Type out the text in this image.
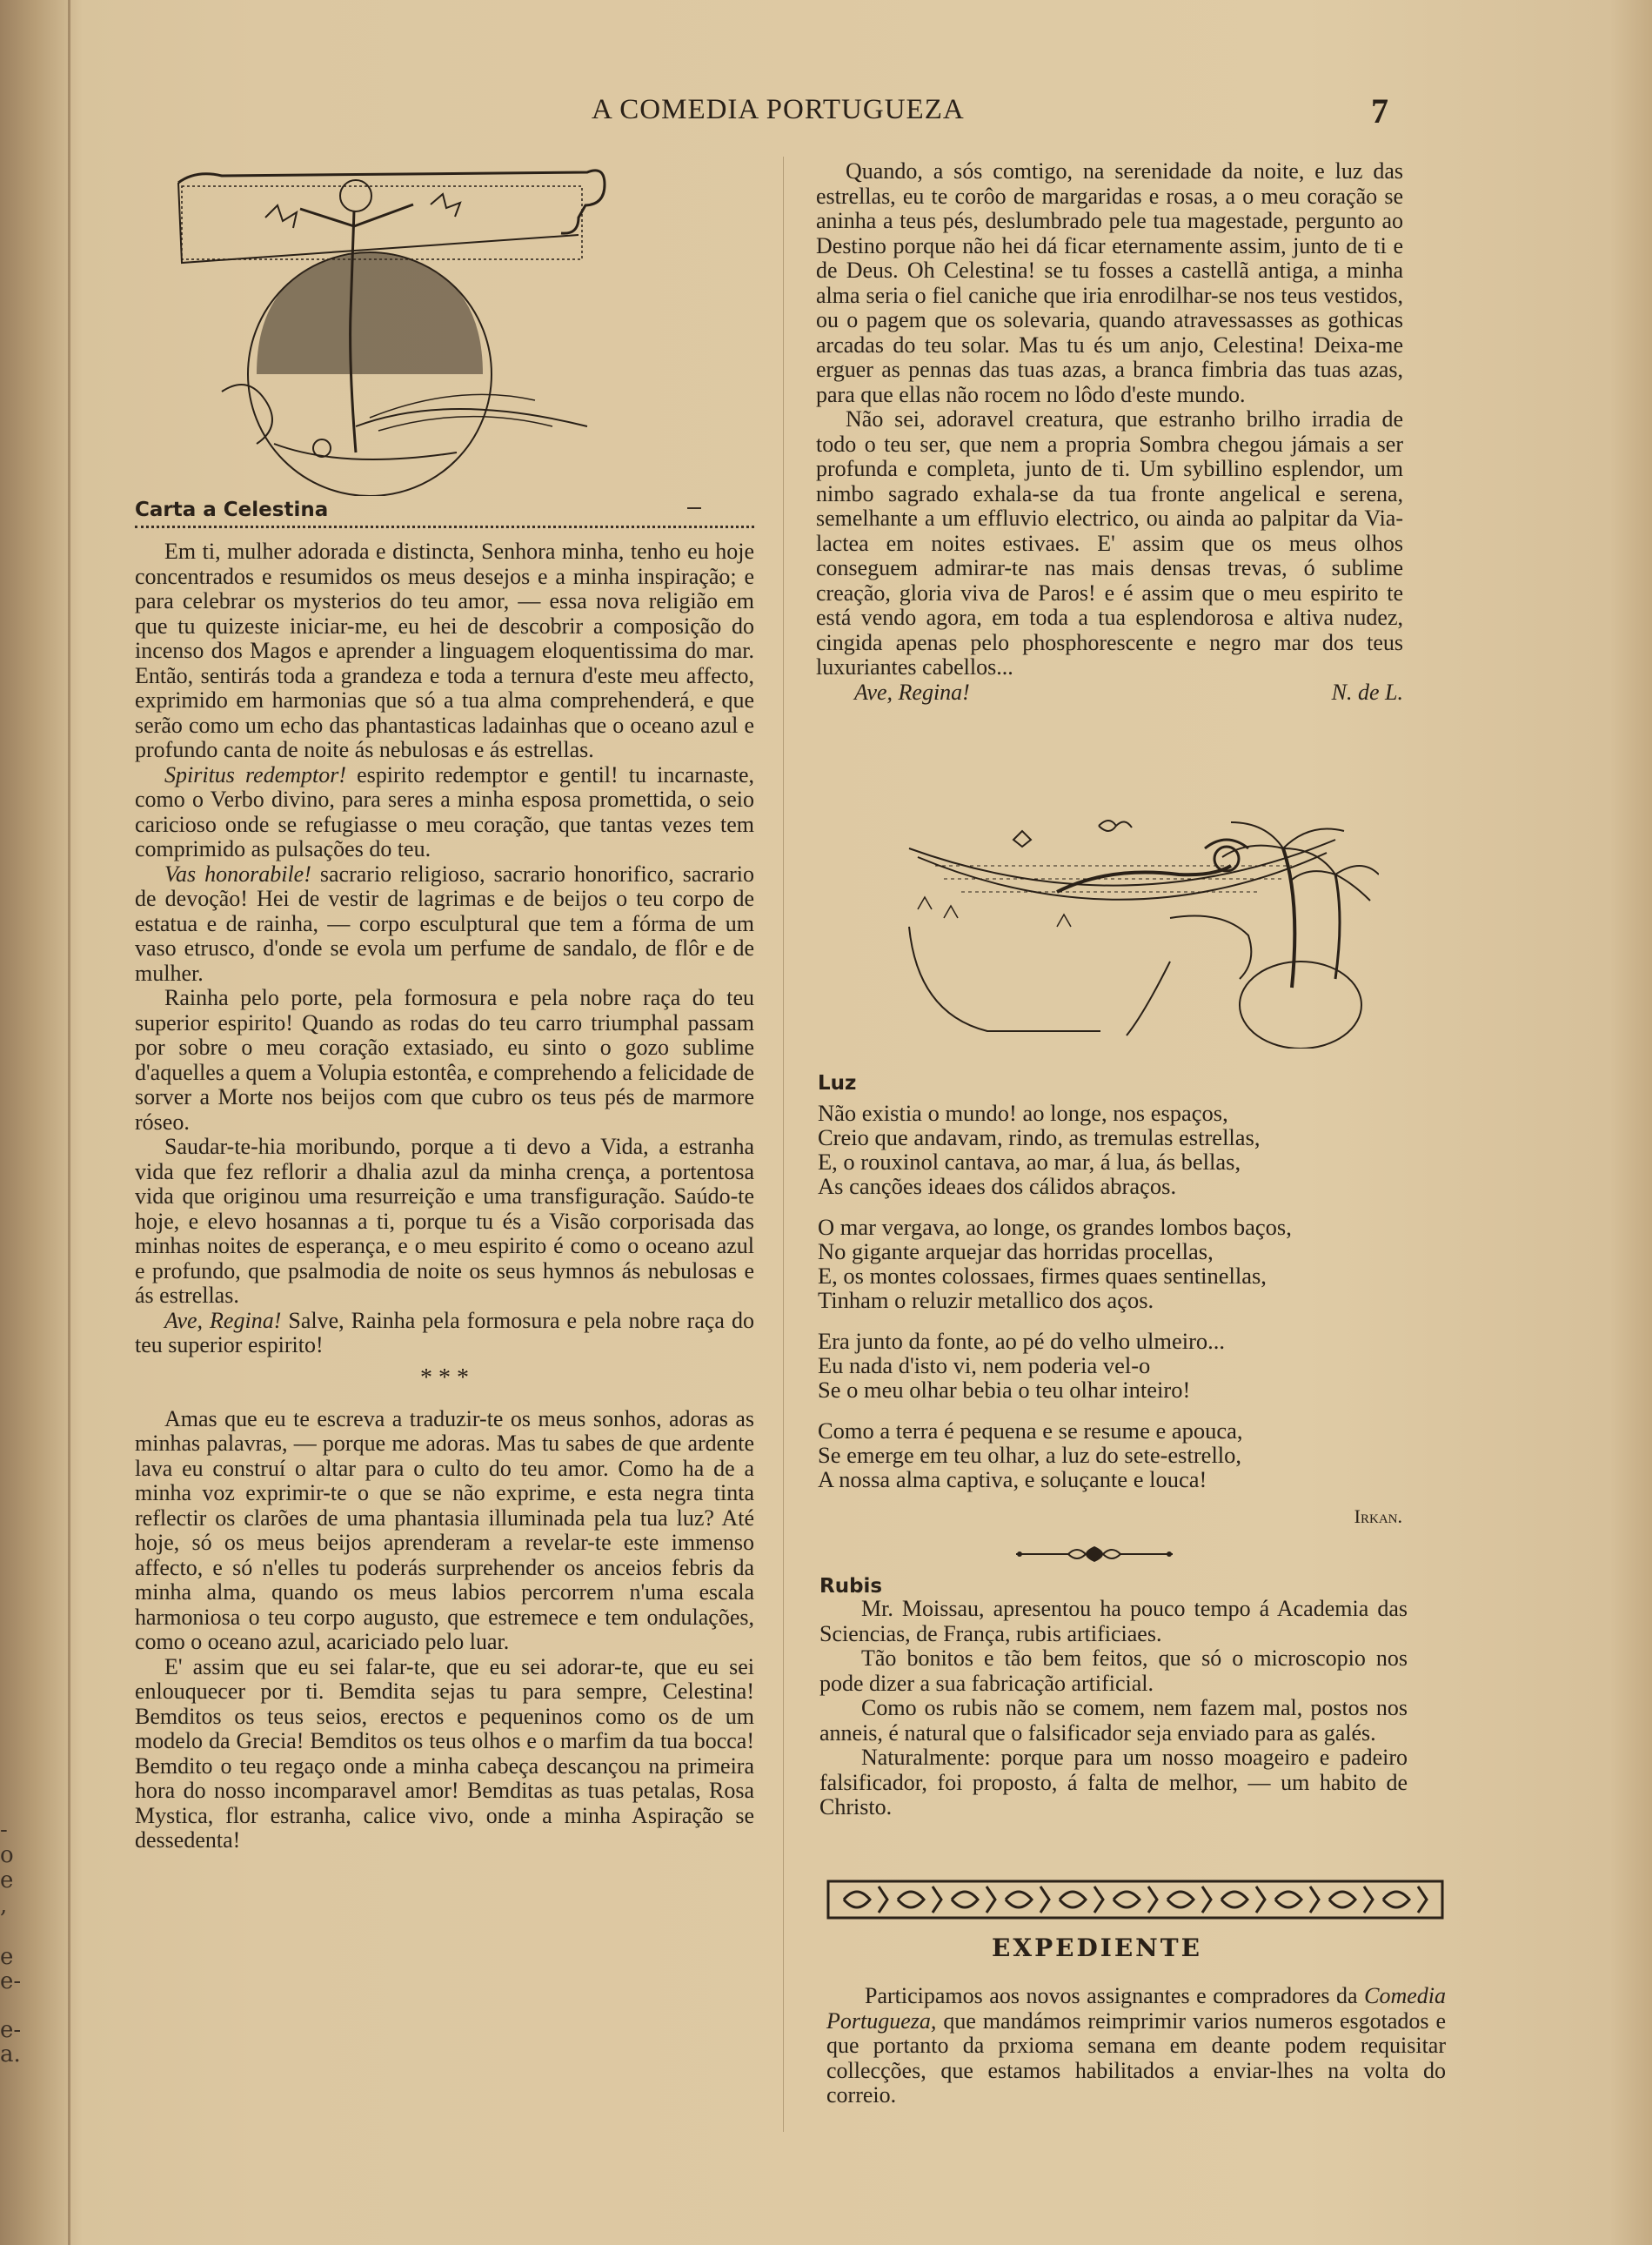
-
o
e
,
e
e-
e-
a.
A COMEDIA PORTUGUEZA	7
Carta a Celestina

Em ti, mulher adorada e distincta, Senhora minha, tenho eu hoje concentrados e resumidos os meus desejos e a minha inspiração; e para celebrar os mysterios do teu amor, — essa nova religião em que tu quizeste iniciar-me, eu hei de descobrir a composição do incenso dos Magos e aprender a linguagem eloquentissima do mar. Então, sentirás toda a grandeza e toda a ternura d'este meu affecto, exprimido em harmonias que só a tua alma comprehenderá, e que serão como um echo das phantasticas ladainhas que o oceano azul e profundo canta de noite ás nebulosas e ás estrellas.

Spiritus redemptor! espirito redemptor e gentil! tu incarnaste, como o Verbo divino, para seres a minha esposa promettida, o seio caricioso onde se refugiasse o meu coração, que tantas vezes tem comprimido as pulsações do teu.

Vas honorabile! sacrario religioso, sacrario honorifico, sacrario de devoção! Hei de vestir de lagrimas e de beijos o teu corpo de estatua e de rainha, — corpo esculptural que tem a fórma de um vaso etrusco, d'onde se evola um perfume de sandalo, de flôr e de mulher.

Rainha pelo porte, pela formosura e pela nobre raça do teu superior espirito! Quando as rodas do teu carro triumphal passam por sobre o meu coração extasiado, eu sinto o gozo sublime d'aquelles a quem a Volupia estontêa, e comprehendo a felicidade de sorver a Morte nos beijos com que cubro os teus pés de marmore róseo.

Saudar-te-hia moribundo, porque a ti devo a Vida, a estranha vida que fez reflorir a dhalia azul da minha crença, a portentosa vida que originou uma resurreição e uma transfiguração. Saúdo-te hoje, e elevo hosannas a ti, porque tu és a Visão corporisada das minhas noites de esperança, e o meu espirito é como o oceano azul e profundo, que psalmodia de noite os seus hymnos ás nebulosas e ás estrellas.

Ave, Regina! Salve, Rainha pela formosura e pela nobre raça do teu superior espirito!

* * *

Amas que eu te escreva a traduzir-te os meus sonhos, adoras as minhas palavras, — porque me adoras. Mas tu sabes de que ardente lava eu construí o altar para o culto do teu amor. Como ha de a minha voz exprimir-te o que se não exprime, e esta negra tinta reflectir os clarões de uma phantasia illuminada pela tua luz? Até hoje, só os meus beijos aprenderam a revelar-te este immenso affecto, e só n'elles tu poderás surprehender os anceios febris da minha alma, quando os meus labios percorrem n'uma escala harmoniosa o teu corpo augusto, que estremece e tem ondulações, como o oceano azul, acariciado pelo luar.

E' assim que eu sei falar-te, que eu sei adorar-te, que eu sei enlouquecer por ti. Bemdita sejas tu para sempre, Celestina! Bemditos os teus seios, erectos e pequeninos como os de um modelo da Grecia! Bemditos os teus olhos e o marfim da tua bocca! Bemdito o teu regaço onde a minha cabeça descançou na primeira hora do nosso incomparavel amor! Bemditas as tuas petalas, Rosa Mystica, flor estranha, calice vivo, onde a minha Aspiração se dessedenta!

Quando, a sós comtigo, na serenidade da noite, e luz das estrellas, eu te corôo de margaridas e rosas, a o meu coração se aninha a teus pés, deslumbrado pele tua magestade, pergunto ao Destino porque não hei dá ficar eternamente assim, junto de ti e de Deus. Oh Celestina! se tu fosses a castellã antiga, a minha alma seria o fiel caniche que iria enrodilhar-se nos teus vestidos, ou o pagem que os solevaria, quando atravessasses as gothicas arcadas do teu solar. Mas tu és um anjo, Celestina! Deixa-me erguer as pennas das tuas azas, a branca fimbria das tuas azas, para que ellas não rocem no lôdo d'este mundo.

Não sei, adoravel creatura, que estranho brilho irradia de todo o teu ser, que nem a propria Sombra chegou jámais a ser profunda e completa, junto de ti. Um sybillino esplendor, um nimbo sagrado exhala-se da tua fronte angelical e serena, semelhante a um effluvio electrico, ou ainda ao palpitar da Via-lactea em noites estivaes. E' assim que os meus olhos conseguem admirar-te nas mais densas trevas, ó sublime creação, gloria viva de Paros! e é assim que o meu espirito te está vendo agora, em toda a tua esplendorosa e altiva nudez, cingida apenas pelo phosphorescente e negro mar dos teus luxuriantes cabellos...

Ave, Regina!	N. de L.
Luz
Não existia o mundo! ao longe, nos espaços,
Creio que andavam, rindo, as tremulas estrellas,
E, o rouxinol cantava, ao mar, á lua, ás bellas,
As canções ideaes dos cálidos abraços.
O mar vergava, ao longe, os grandes lombos baços,
No gigante arquejar das horridas procellas,
E, os montes colossaes, firmes quaes sentinellas,
Tinham o reluzir metallico dos aços.
Era junto da fonte, ao pé do velho ulmeiro...
Eu nada d'isto vi, nem poderia vel-o
Se o meu olhar bebia o teu olhar inteiro!
Como a terra é pequena e se resume e apouca,
Se emerge em teu olhar, a luz do sete-estrello,
A nossa alma captiva, e soluçante e louca!
Irkan.
Rubis

Mr. Moissau, apresentou ha pouco tempo á Academia das Sciencias, de França, rubis artificiaes.

Tão bonitos e tão bem feitos, que só o microscopio nos pode dizer a sua fabricação artificial.

Como os rubis não se comem, nem fazem mal, postos nos anneis, é natural que o falsificador seja enviado para as galés.

Naturalmente: porque para um nosso moageiro e padeiro falsificador, foi proposto, á falta de melhor, — um habito de Christo.

EXPEDIENTE

Participamos aos novos assignantes e compradores da Comedia Portugueza, que mandámos reimprimir varios numeros esgotados e que portanto da prxioma semana em deante podem requisitar collecções, que estamos habilitados a enviar-lhes na volta do correio.
